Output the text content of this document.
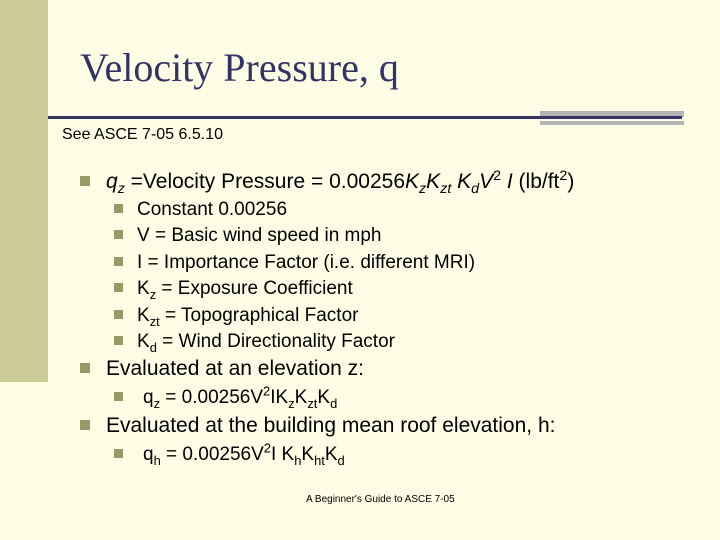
Velocity Pressure, q
See ASCE 7-05 6.5.10
$q_z$ =Velocity Pressure = $0.00256K_zK_{zt}$ $K_dV^2$ I $(lb/ft^2)$
Constant 0.00256
V = Basic wind speed in mph
I = Importance Factor (i.e. different MRI)
$K_z$ = Exposure Coefficient
$K_{zt}$ = Topographical Factor
$K_d$ = Wind Directionality Factor
Evaluated at an elevation z:
$q_z = 0.00256V^2IK_zK_{zt}K_d$
Evaluated at the building mean roof elevation, h:
$q_h = 0.00256V^2I$ $K_hK_{ht}K_d$
A Beginner's Guide to ASCE 7-05
